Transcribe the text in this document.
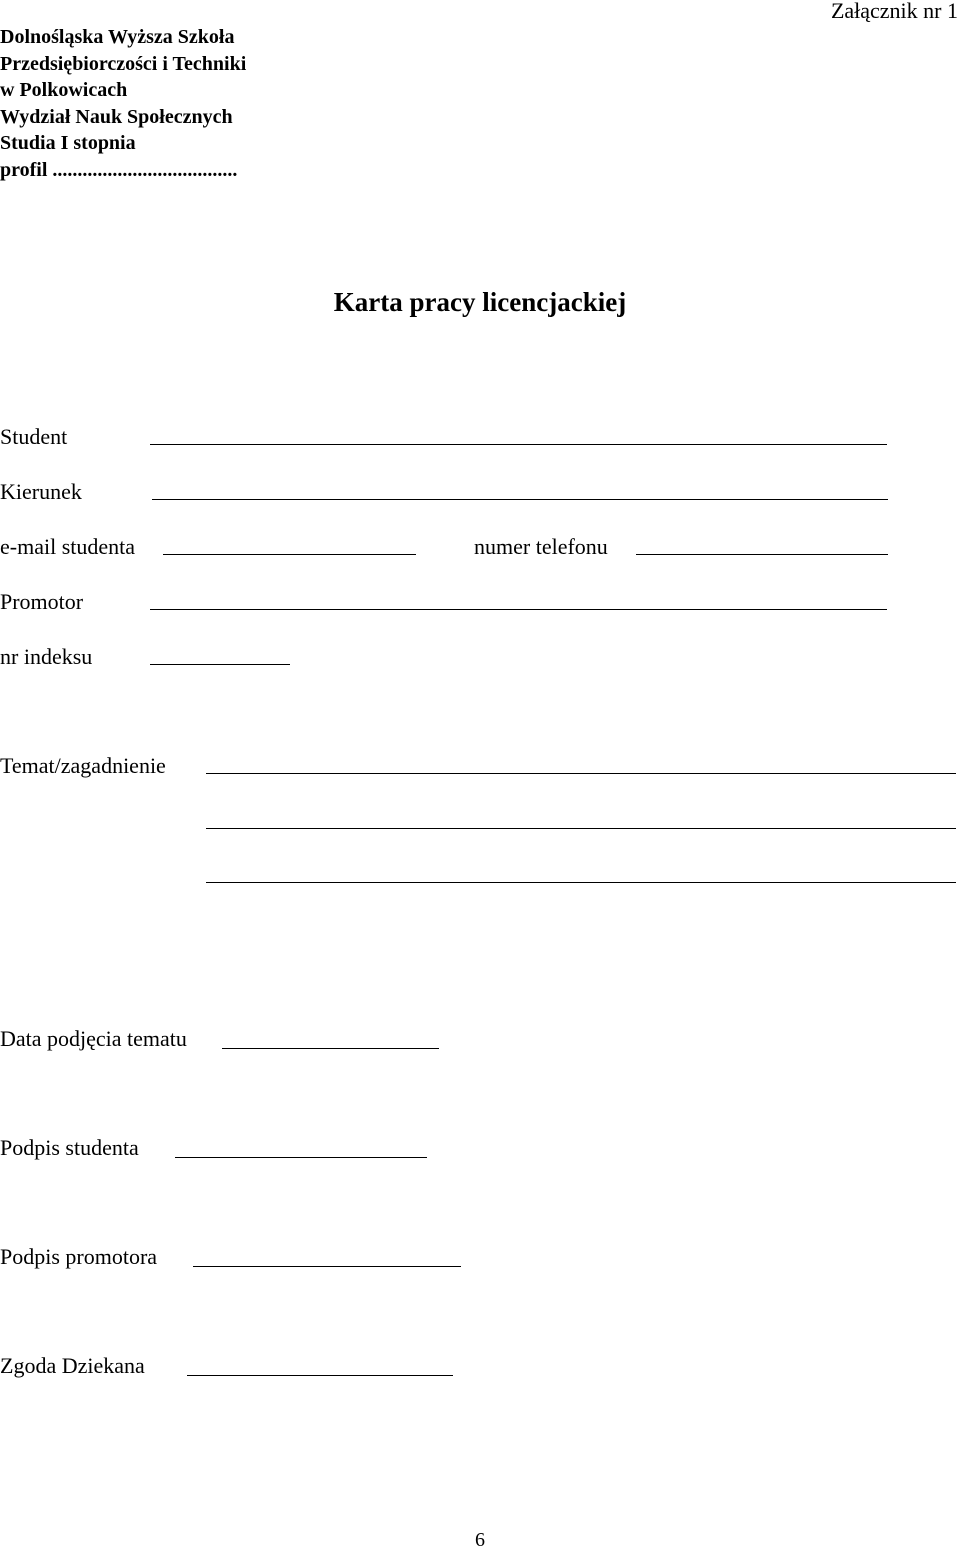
Dolnośląska Wyższa Szkoła
Przedsiębiorczości i Techniki
w Polkowicach
Wydział Nauk Społecznych
Studia I stopnia
profil .....................................
Załącznik nr 1
Karta pracy licencjackiej
Student
Kierunek
e-mail studenta	numer telefonu
Promotor
nr indeksu
Temat/zagadnienie
Data podjęcia tematu
Podpis studenta
Podpis promotora
Zgoda Dziekana
6
